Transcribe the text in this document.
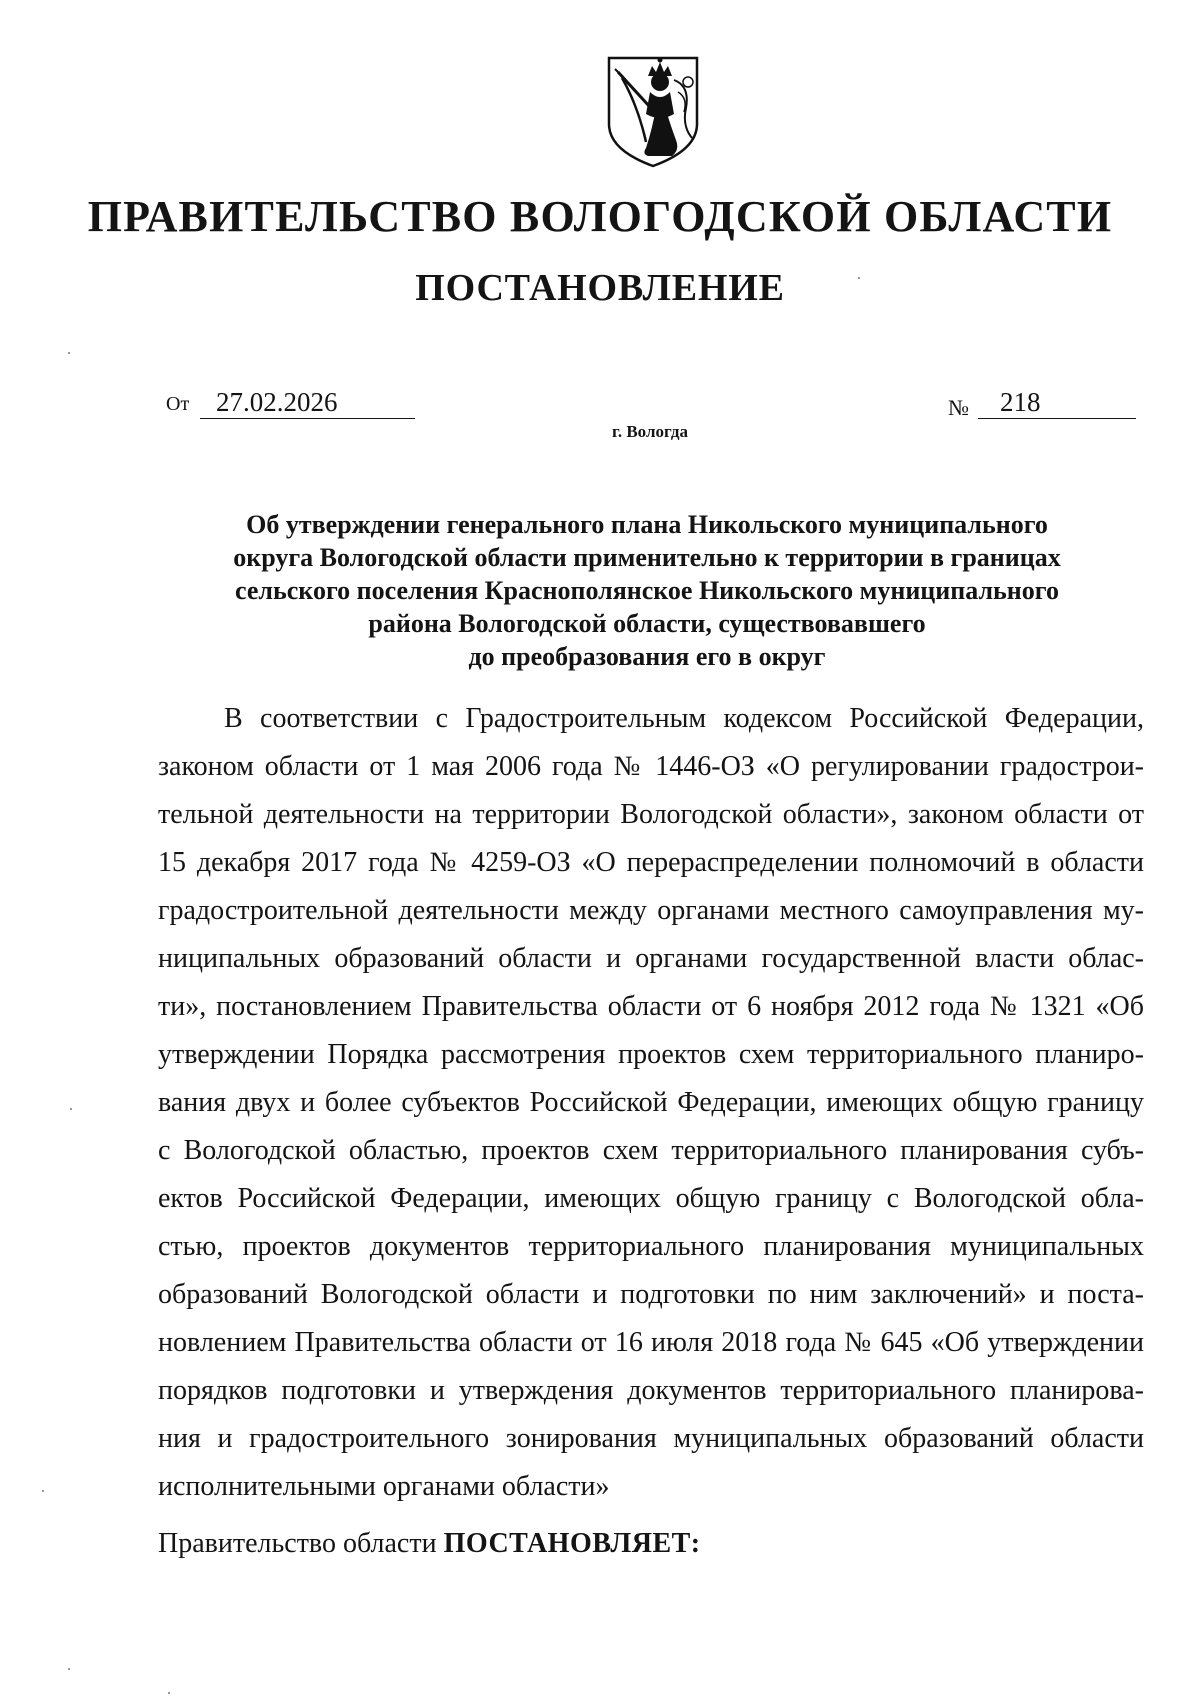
ПРАВИТЕЛЬСТВО ВОЛОГОДСКОЙ ОБЛАСТИ
ПОСТАНОВЛЕНИЕ
От 27.02.2026	№	218
г. Вологда
Об утверждении генерального плана Никольского муниципального
округа Вологодской области применительно к территории в границах
сельского поселения Краснополянское Никольского муниципального
района Вологодской области, существовавшего
до преобразования его в округ
В соответствии с Градостроительным кодексом Российской Федерации,
законом области от 1 мая 2006 года № 1446-ОЗ «О регулировании градострои-
тельной деятельности на территории Вологодской области», законом области от
15 декабря 2017 года № 4259-ОЗ «О перераспределении полномочий в области
градостроительной деятельности между органами местного самоуправления му-
ниципальных образований области и органами государственной власти облас-
ти», постановлением Правительства области от 6 ноября 2012 года № 1321 «Об
утверждении Порядка рассмотрения проектов схем территориального планиро-
вания двух и более субъектов Российской Федерации, имеющих общую границу
с Вологодской областью, проектов схем территориального планирования субъ-
ектов Российской Федерации, имеющих общую границу с Вологодской обла-
стью, проектов документов территориального планирования муниципальных
образований Вологодской области и подготовки по ним заключений» и поста-
новлением Правительства области от 16 июля 2018 года № 645 «Об утверждении
порядков подготовки и утверждения документов территориального планирова-
ния и градостроительного зонирования муниципальных образований области
исполнительными органами области»
Правительство области ПОСТАНОВЛЯЕТ:
